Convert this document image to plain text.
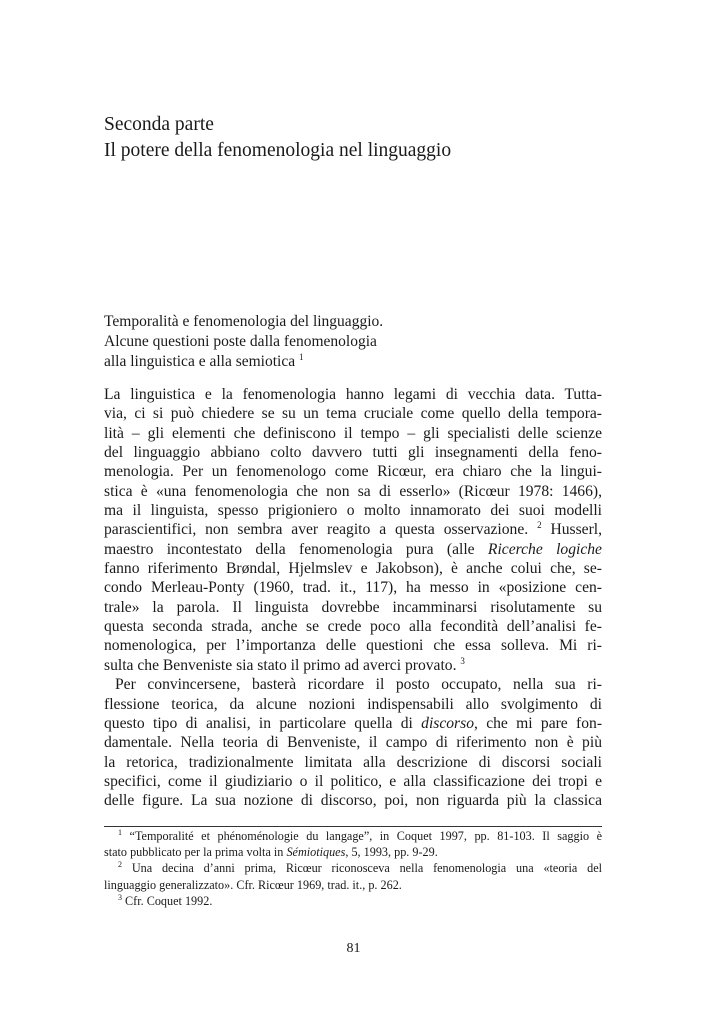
Seconda parte
Il potere della fenomenologia nel linguaggio
Temporalità e fenomenologia del linguaggio.
Alcune questioni poste dalla fenomenologia
alla linguistica e alla semiotica $^1$
La linguistica e la fenomenologia hanno legami di vecchia data. Tutta-
via, ci si può chiedere se su un tema cruciale come quello della tempora-
lità – gli elementi che definiscono il tempo – gli specialisti delle scienze
del linguaggio abbiano colto davvero tutti gli insegnamenti della feno-
menologia. Per un fenomenologo come Ricœur, era chiaro che la lingui-
stica è «una fenomenologia che non sa di esserlo» (Ricœur 1978: 1466),
ma il linguista, spesso prigioniero o molto innamorato dei suoi modelli
parascientifici, non sembra aver reagito a questa osservazione. $^2$ Husserl,
maestro incontestato della fenomenologia pura (alle Ricerche logiche
fanno riferimento Brøndal, Hjelmslev e Jakobson), è anche colui che, se-
condo Merleau-Ponty (1960, trad. it., 117), ha messo in «posizione cen-
trale» la parola. Il linguista dovrebbe incamminarsi risolutamente su
questa seconda strada, anche se crede poco alla fecondità dell’analisi fe-
nomenologica, per l’importanza delle questioni che essa solleva. Mi ri-
sulta che Benveniste sia stato il primo ad averci provato. $^3$
Per convincersene, basterà ricordare il posto occupato, nella sua ri-
flessione teorica, da alcune nozioni indispensabili allo svolgimento di
questo tipo di analisi, in particolare quella di discorso, che mi pare fon-
damentale. Nella teoria di Benveniste, il campo di riferimento non è più
la retorica, tradizionalmente limitata alla descrizione di discorsi sociali
specifici, come il giudiziario o il politico, e alla classificazione dei tropi e
delle figure. La sua nozione di discorso, poi, non riguarda più la classica
$^1$ “Temporalité et phénoménologie du langage”, in Coquet 1997, pp. 81-103. Il saggio è
stato pubblicato per la prima volta in Sémiotiques, 5, 1993, pp. 9-29.
$^2$ Una decina d’anni prima, Ricœur riconosceva nella fenomenologia una «teoria del
linguaggio generalizzato». Cfr. Ricœur 1969, trad. it., p. 262.
$^3$ Cfr. Coquet 1992.
81
